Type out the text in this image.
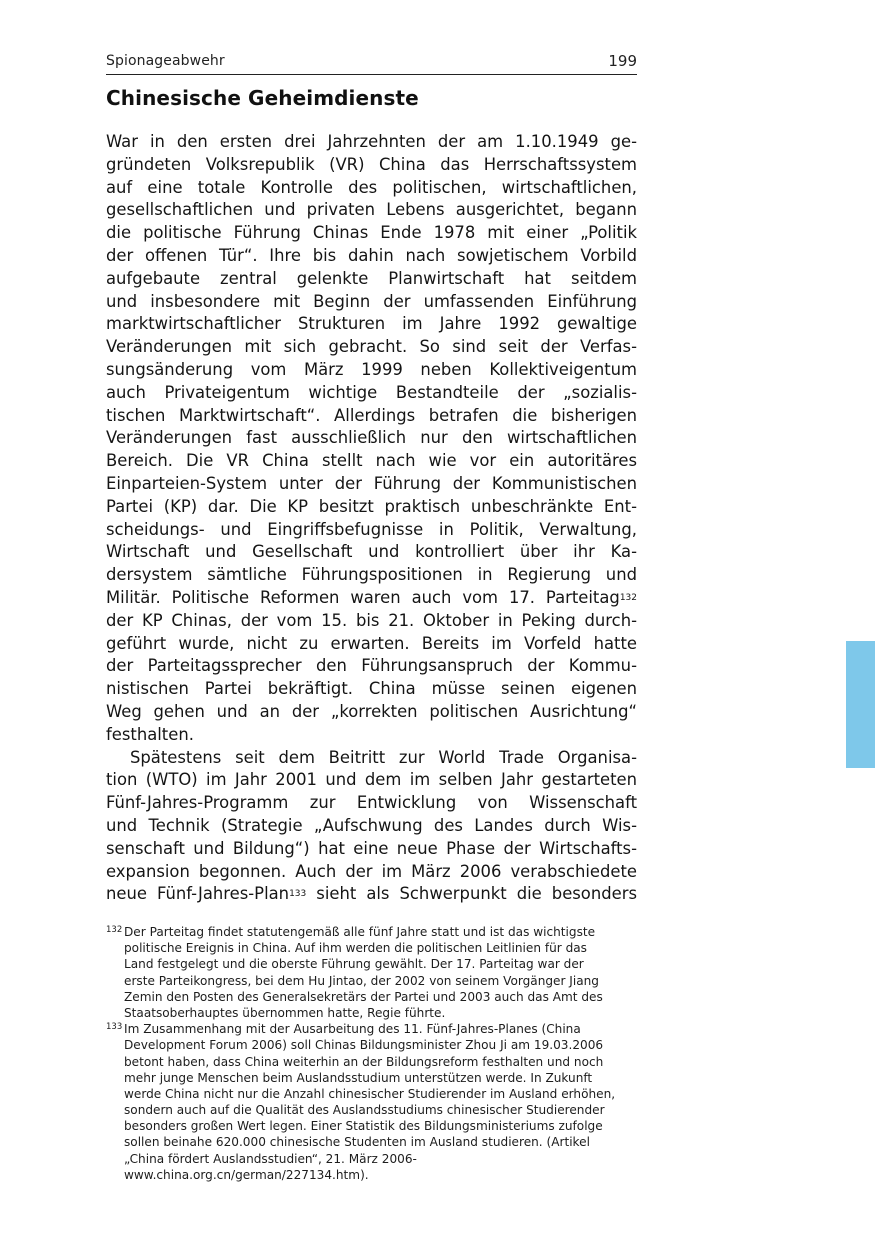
Spionageabwehr	199
Chinesische Geheimdienste
War in den ersten drei Jahrzehnten der am 1.10.1949 ge-
gründeten Volksrepublik (VR) China das Herrschaftssystem
auf eine totale Kontrolle des politischen, wirtschaftlichen,
gesellschaftlichen und privaten Lebens ausgerichtet, begann
die politische Führung Chinas Ende 1978 mit einer „Politik
der offenen Tür“. Ihre bis dahin nach sowjetischem Vorbild
aufgebaute zentral gelenkte Planwirtschaft hat seitdem
und insbesondere mit Beginn der umfassenden Einführung
marktwirtschaftlicher Strukturen im Jahre 1992 gewaltige
Veränderungen mit sich gebracht. So sind seit der Verfas-
sungsänderung vom März 1999 neben Kollektiveigentum
auch Privateigentum wichtige Bestandteile der „sozialis-
tischen Marktwirtschaft“. Allerdings betrafen die bisherigen
Veränderungen fast ausschließlich nur den wirtschaftlichen
Bereich. Die VR China stellt nach wie vor ein autoritäres
Einparteien-System unter der Führung der Kommunistischen
Partei (KP) dar. Die KP besitzt praktisch unbeschränkte Ent-
scheidungs- und Eingriffsbefugnisse in Politik, Verwaltung,
Wirtschaft und Gesellschaft und kontrolliert über ihr Ka-
dersystem sämtliche Führungspositionen in Regierung und
Militär. Politische Reformen waren auch vom 17. Parteitag$^{132}$
der KP Chinas, der vom 15. bis 21. Oktober in Peking durch-
geführt wurde, nicht zu erwarten. Bereits im Vorfeld hatte
der Parteitagssprecher den Führungsanspruch der Kommu-
nistischen Partei bekräftigt. China müsse seinen eigenen
Weg gehen und an der „korrekten politischen Ausrichtung“
festhalten.
Spätestens seit dem Beitritt zur World Trade Organisa-
tion (WTO) im Jahr 2001 und dem im selben Jahr gestarteten
Fünf-Jahres-Programm zur Entwicklung von Wissenschaft
und Technik (Strategie „Aufschwung des Landes durch Wis-
senschaft und Bildung“) hat eine neue Phase der Wirtschafts-
expansion begonnen. Auch der im März 2006 verabschiedete
neue Fünf-Jahres-Plan$^{133}$ sieht als Schwerpunkt die besonders
132 Der Parteitag findet statutengemäß alle fünf Jahre statt und ist das wichtigste
politische Ereignis in China. Auf ihm werden die politischen Leitlinien für das
Land festgelegt und die oberste Führung gewählt. Der 17. Parteitag war der
erste Parteikongress, bei dem Hu Jintao, der 2002 von seinem Vorgänger Jiang
Zemin den Posten des Generalsekretärs der Partei und 2003 auch das Amt des
Staatsoberhauptes übernommen hatte, Regie führte.
133 Im Zusammenhang mit der Ausarbeitung des 11. Fünf-Jahres-Planes (China
Development Forum 2006) soll Chinas Bildungsminister Zhou Ji am 19.03.2006
betont haben, dass China weiterhin an der Bildungsreform festhalten und noch
mehr junge Menschen beim Auslandsstudium unterstützen werde. In Zukunft
werde China nicht nur die Anzahl chinesischer Studierender im Ausland erhöhen,
sondern auch auf die Qualität des Auslandsstudiums chinesischer Studierender
besonders großen Wert legen. Einer Statistik des Bildungsministeriums zufolge
sollen beinahe 620.000 chinesische Studenten im Ausland studieren. (Artikel
„China fördert Auslandsstudien“, 21. März 2006-
www.china.org.cn/german/227134.htm).
